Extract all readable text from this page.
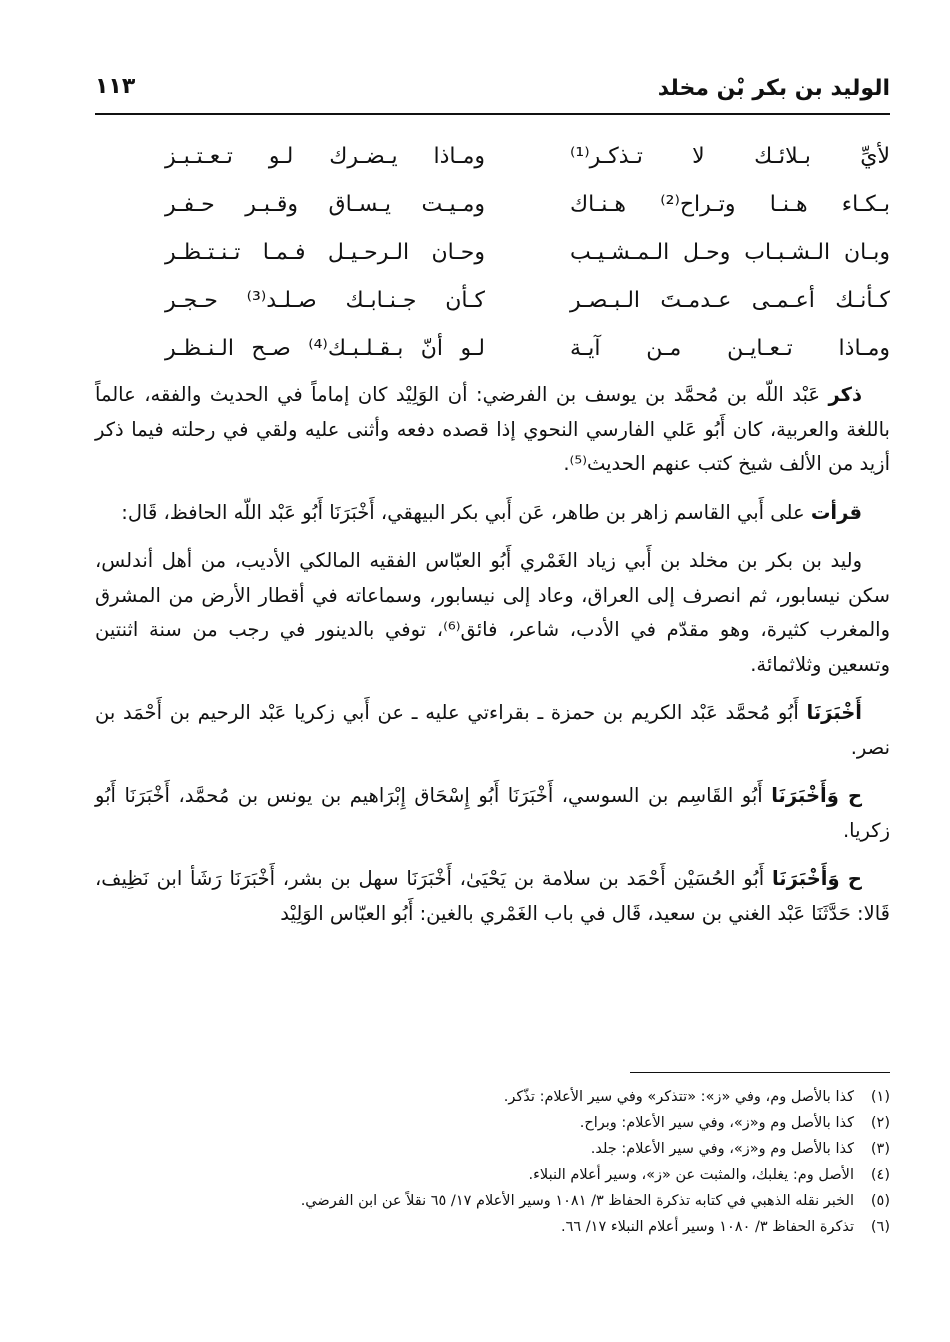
الوليد بن بكر بْن مخلد
١١٣
لأيِّ بـلائـك لا تـذكـر⁽¹⁾
ومـاذا يـضـرك لـو تـعـتـبـز
بـكـاء هـنـا وتـراح⁽²⁾ هـنـاك
ومـيـت يـسـاق وقـبـر حـفـر
وبـان الـشـبـاب وحـل الـمـشـيـب
وحـان الـرحـيـل فـمـا تـنـتـظـر
كـأنـك أعـمـى عـدمـتَ الـبـصـر
كـأن جـنـابـك صـلـد⁽³⁾ حـجـر
ومـاذا تـعـايـن مـن آيـة
لـو أنّ بـقـلـبـك⁽⁴⁾ صـح الـنـظـر

ذكر عَبْد اللّه بن مُحمَّد بن يوسف بن الفرضي: أن الوَلِيْد كان إماماً في الحديث والفقه، عالماً باللغة والعربية، كان أَبُو عَلي الفارسي النحوي إذا قصده دفعه وأثنى عليه ولقي في رحلته فيما ذكر أزيد من الألف شيخ كتب عنهم الحديث⁽⁵⁾.

قرأت على أَبي القاسم زاهر بن طاهر، عَن أَبي بكر البيهقي، أَخْبَرَنَا أَبُو عَبْد اللّه الحافظ، قَال:

وليد بن بكر بن مخلد بن أَبي زياد الغَمْري أَبُو العبّاس الفقيه المالكي الأديب، من أهل أندلس، سكن نيسابور، ثم انصرف إلى العراق، وعاد إلى نيسابور، وسماعاته في أقطار الأرض من المشرق والمغرب كثيرة، وهو مقدّم في الأدب، شاعر، فائق⁽⁶⁾، توفي بالدينور في رجب من سنة اثنتين وتسعين وثلاثمائة.

أَخْبَرَنَا أَبُو مُحمَّد عَبْد الكريم بن حمزة ـ بقراءتي عليه ـ عن أَبي زكريا عَبْد الرحيم بن أَحْمَد بن نصر.

ح وَأَخْبَرَنَا أَبُو القَاسِم بن السوسي، أَخْبَرَنَا أَبُو إِسْحَاق إِبْرَاهيم بن يونس بن مُحمَّد، أَخْبَرَنَا أَبُو زكريا.

ح وَأَخْبَرَنَا أَبُو الحُسَيْن أَحْمَد بن سلامة بن يَحْيَىٰ، أَخْبَرَنَا سهل بن بشر، أَخْبَرَنَا رَشَأ ابن نَظِيف، قَالا: حَدَّثَنَا عَبْد الغني بن سعيد، قَال في باب الغَمْري بالغين: أَبُو العبّاس الوَلِيْد

(١)كذا بالأصل وم، وفي «ز»: «تتذكر» وفي سير الأعلام: تذّكر.
(٢)كذا بالأصل وم و«ز»، وفي سير الأعلام: وبراح.
(٣)كذا بالأصل وم و«ز»، وفي سير الأعلام: جلد.
(٤)الأصل وم: يغلبك، والمثبت عن «ز»، وسير أعلام النبلاء.
(٥)الخبر نقله الذهبي في كتابه تذكرة الحفاظ ٣/ ١٠٨١ وسير الأعلام ١٧/ ٦٥ نقلاً عن ابن الفرضي.
(٦)تذكرة الحفاظ ٣/ ١٠٨٠ وسير أعلام النبلاء ١٧/ ٦٦.
